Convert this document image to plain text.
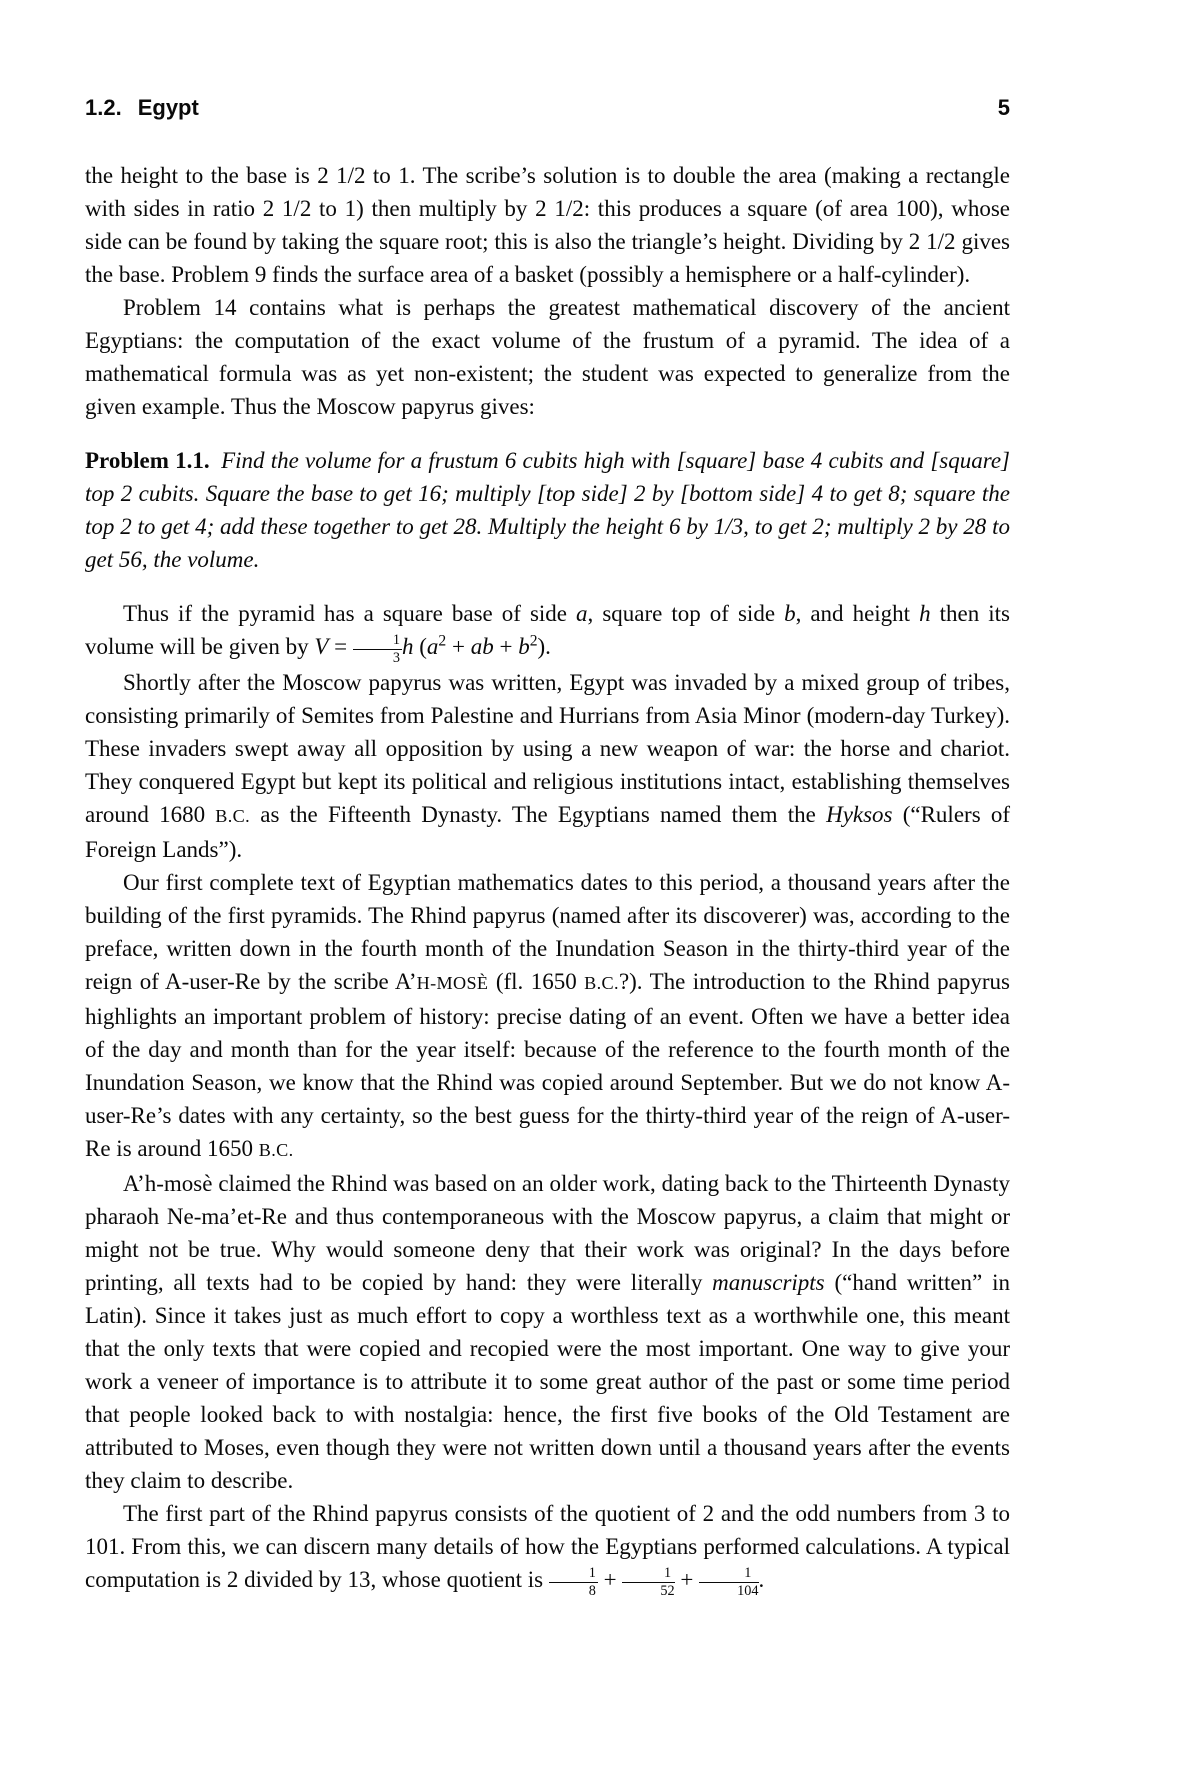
1.2. Egypt	5

the height to the base is 2 1/2 to 1. The scribe’s solution is to double the area (making a rectangle with sides in ratio 2 1/2 to 1) then multiply by 2 1/2: this produces a square (of area 100), whose side can be found by taking the square root; this is also the triangle’s height. Dividing by 2 1/2 gives the base. Problem 9 finds the surface area of a basket (possibly a hemisphere or a half-cylinder).

Problem 14 contains what is perhaps the greatest mathematical discovery of the ancient Egyptians: the computation of the exact volume of the frustum of a pyramid. The idea of a mathematical formula was as yet non-existent; the student was expected to generalize from the given example. Thus the Moscow papyrus gives:

Problem 1.1.  Find the volume for a frustum 6 cubits high with [square] base 4 cubits and [square] top 2 cubits. Square the base to get 16; multiply [top side] 2 by [bottom side] 4 to get 8; square the top 2 to get 4; add these together to get 28. Multiply the height 6 by 1/3, to get 2; multiply 2 by 28 to get 56, the volume.

Thus if the pyramid has a square base of side a, square top of side b, and height h then its volume will be given by $V = \frac{1}{3}$ h ($a^2$ + ab + $b^2$).

Shortly after the Moscow papyrus was written, Egypt was invaded by a mixed group of tribes, consisting primarily of Semites from Palestine and Hurrians from Asia Minor (modern-day Turkey). These invaders swept away all opposition by using a new weapon of war: the horse and chariot. They conquered Egypt but kept its political and religious institutions intact, establishing themselves around 1680 B.C. as the Fifteenth Dynasty. The Egyptians named them the Hyksos (“Rulers of Foreign Lands”).

Our first complete text of Egyptian mathematics dates to this period, a thousand years after the building of the first pyramids. The Rhind papyrus (named after its discoverer) was, according to the preface, written down in the fourth month of the Inundation Season in the thirty-third year of the reign of A-user-Re by the scribe A’H-MOSÈ (fl. 1650 B.C.?). The introduction to the Rhind papyrus highlights an important problem of history: precise dating of an event. Often we have a better idea of the day and month than for the year itself: because of the reference to the fourth month of the Inundation Season, we know that the Rhind was copied around September. But we do not know A-user-Re’s dates with any certainty, so the best guess for the thirty-third year of the reign of A-user-Re is around 1650 B.C.

A’h-mosè claimed the Rhind was based on an older work, dating back to the Thirteenth Dynasty pharaoh Ne-ma’et-Re and thus contemporaneous with the Moscow papyrus, a claim that might or might not be true. Why would someone deny that their work was original? In the days before printing, all texts had to be copied by hand: they were literally manuscripts (“hand written” in Latin). Since it takes just as much effort to copy a worthless text as a worthwhile one, this meant that the only texts that were copied and recopied were the most important. One way to give your work a veneer of importance is to attribute it to some great author of the past or some time period that people looked back to with nostalgia: hence, the first five books of the Old Testament are attributed to Moses, even though they were not written down until a thousand years after the events they claim to describe.

The first part of the Rhind papyrus consists of the quotient of 2 and the odd numbers from 3 to 101. From this, we can discern many details of how the Egyptians performed calculations. A typical computation is 2 divided by 13, whose quotient is $\frac{1}{8} + \frac{1}{52} + \frac{1}{104}$ .
